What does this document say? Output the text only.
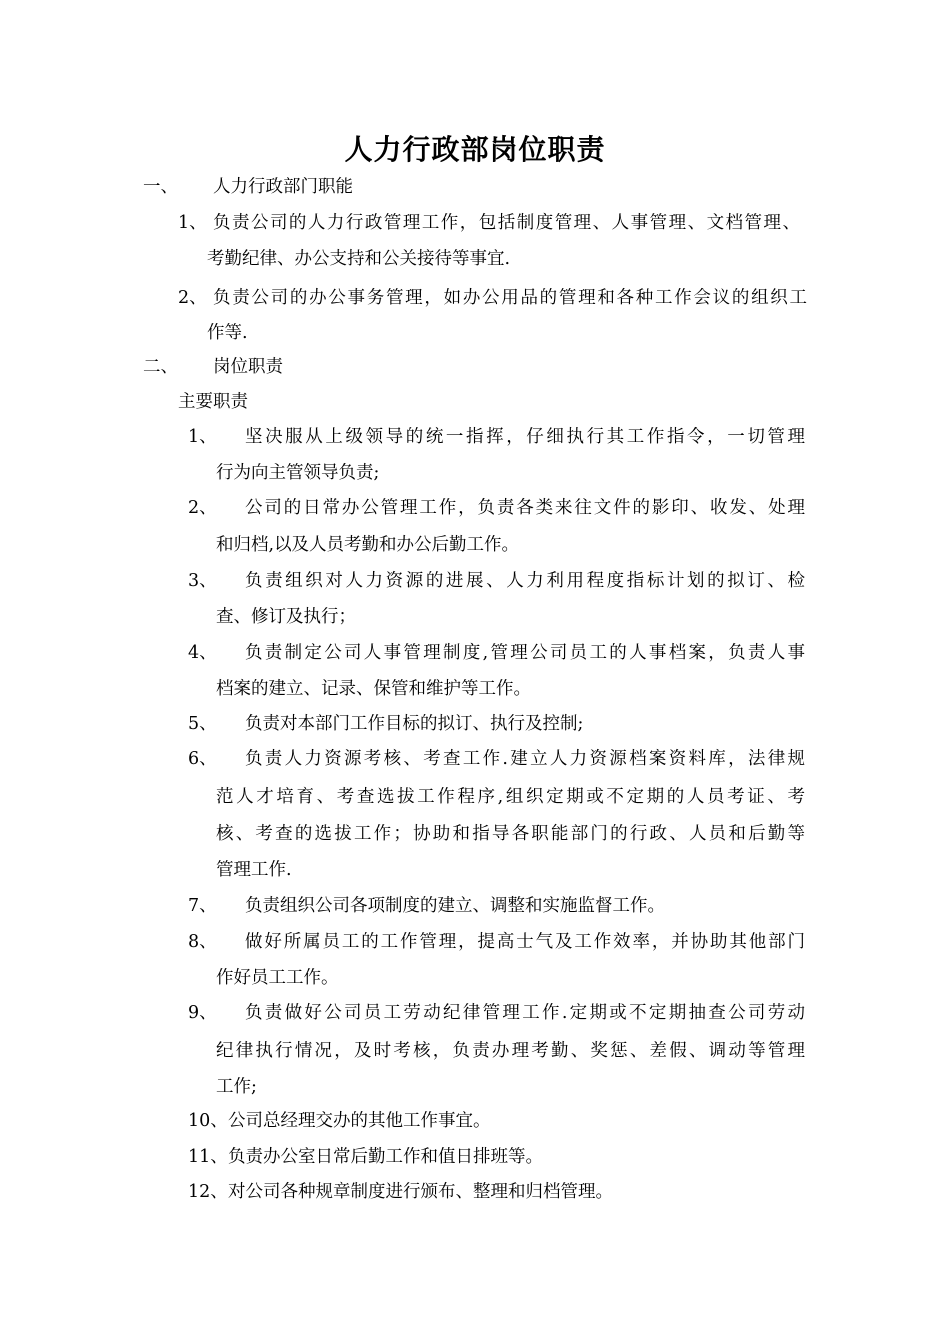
人力行政部岗位职责
一、 人力行政部门职能
1、 负责公司的人力行政管理工作，包括制度管理、人事管理、文档管理、
考勤纪律、办公支持和公关接待等事宜.
2、 负责公司的办公事务管理，如办公用品的管理和各种工作会议的组织工
作等.
二、 岗位职责
主要职责
1、 坚决服从上级领导的统一指挥，仔细执行其工作指令，一切管理
行为向主管领导负责;
2、 公司的日常办公管理工作，负责各类来往文件的影印、收发、处理
和归档,以及人员考勤和办公后勤工作。
3、 负责组织对人力资源的进展、人力利用程度指标计划的拟订、检
查、修订及执行；
4、 负责制定公司人事管理制度,管理公司员工的人事档案，负责人事
档案的建立、记录、保管和维护等工作。
5、 负责对本部门工作目标的拟订、执行及控制;
6、 负责人力资源考核、考查工作.建立人力资源档案资料库，法律规
范人才培育、考查选拔工作程序,组织定期或不定期的人员考证、考
核、考查的选拔工作；协助和指导各职能部门的行政、人员和后勤等
管理工作.
7、 负责组织公司各项制度的建立、调整和实施监督工作。
8、 做好所属员工的工作管理，提高士气及工作效率，并协助其他部门
作好员工工作。
9、 负责做好公司员工劳动纪律管理工作.定期或不定期抽查公司劳动
纪律执行情况，及时考核，负责办理考勤、奖惩、差假、调动等管理
工作;
10、 公司总经理交办的其他工作事宜。
11、 负责办公室日常后勤工作和值日排班等。
12、 对公司各种规章制度进行颁布、整理和归档管理。
